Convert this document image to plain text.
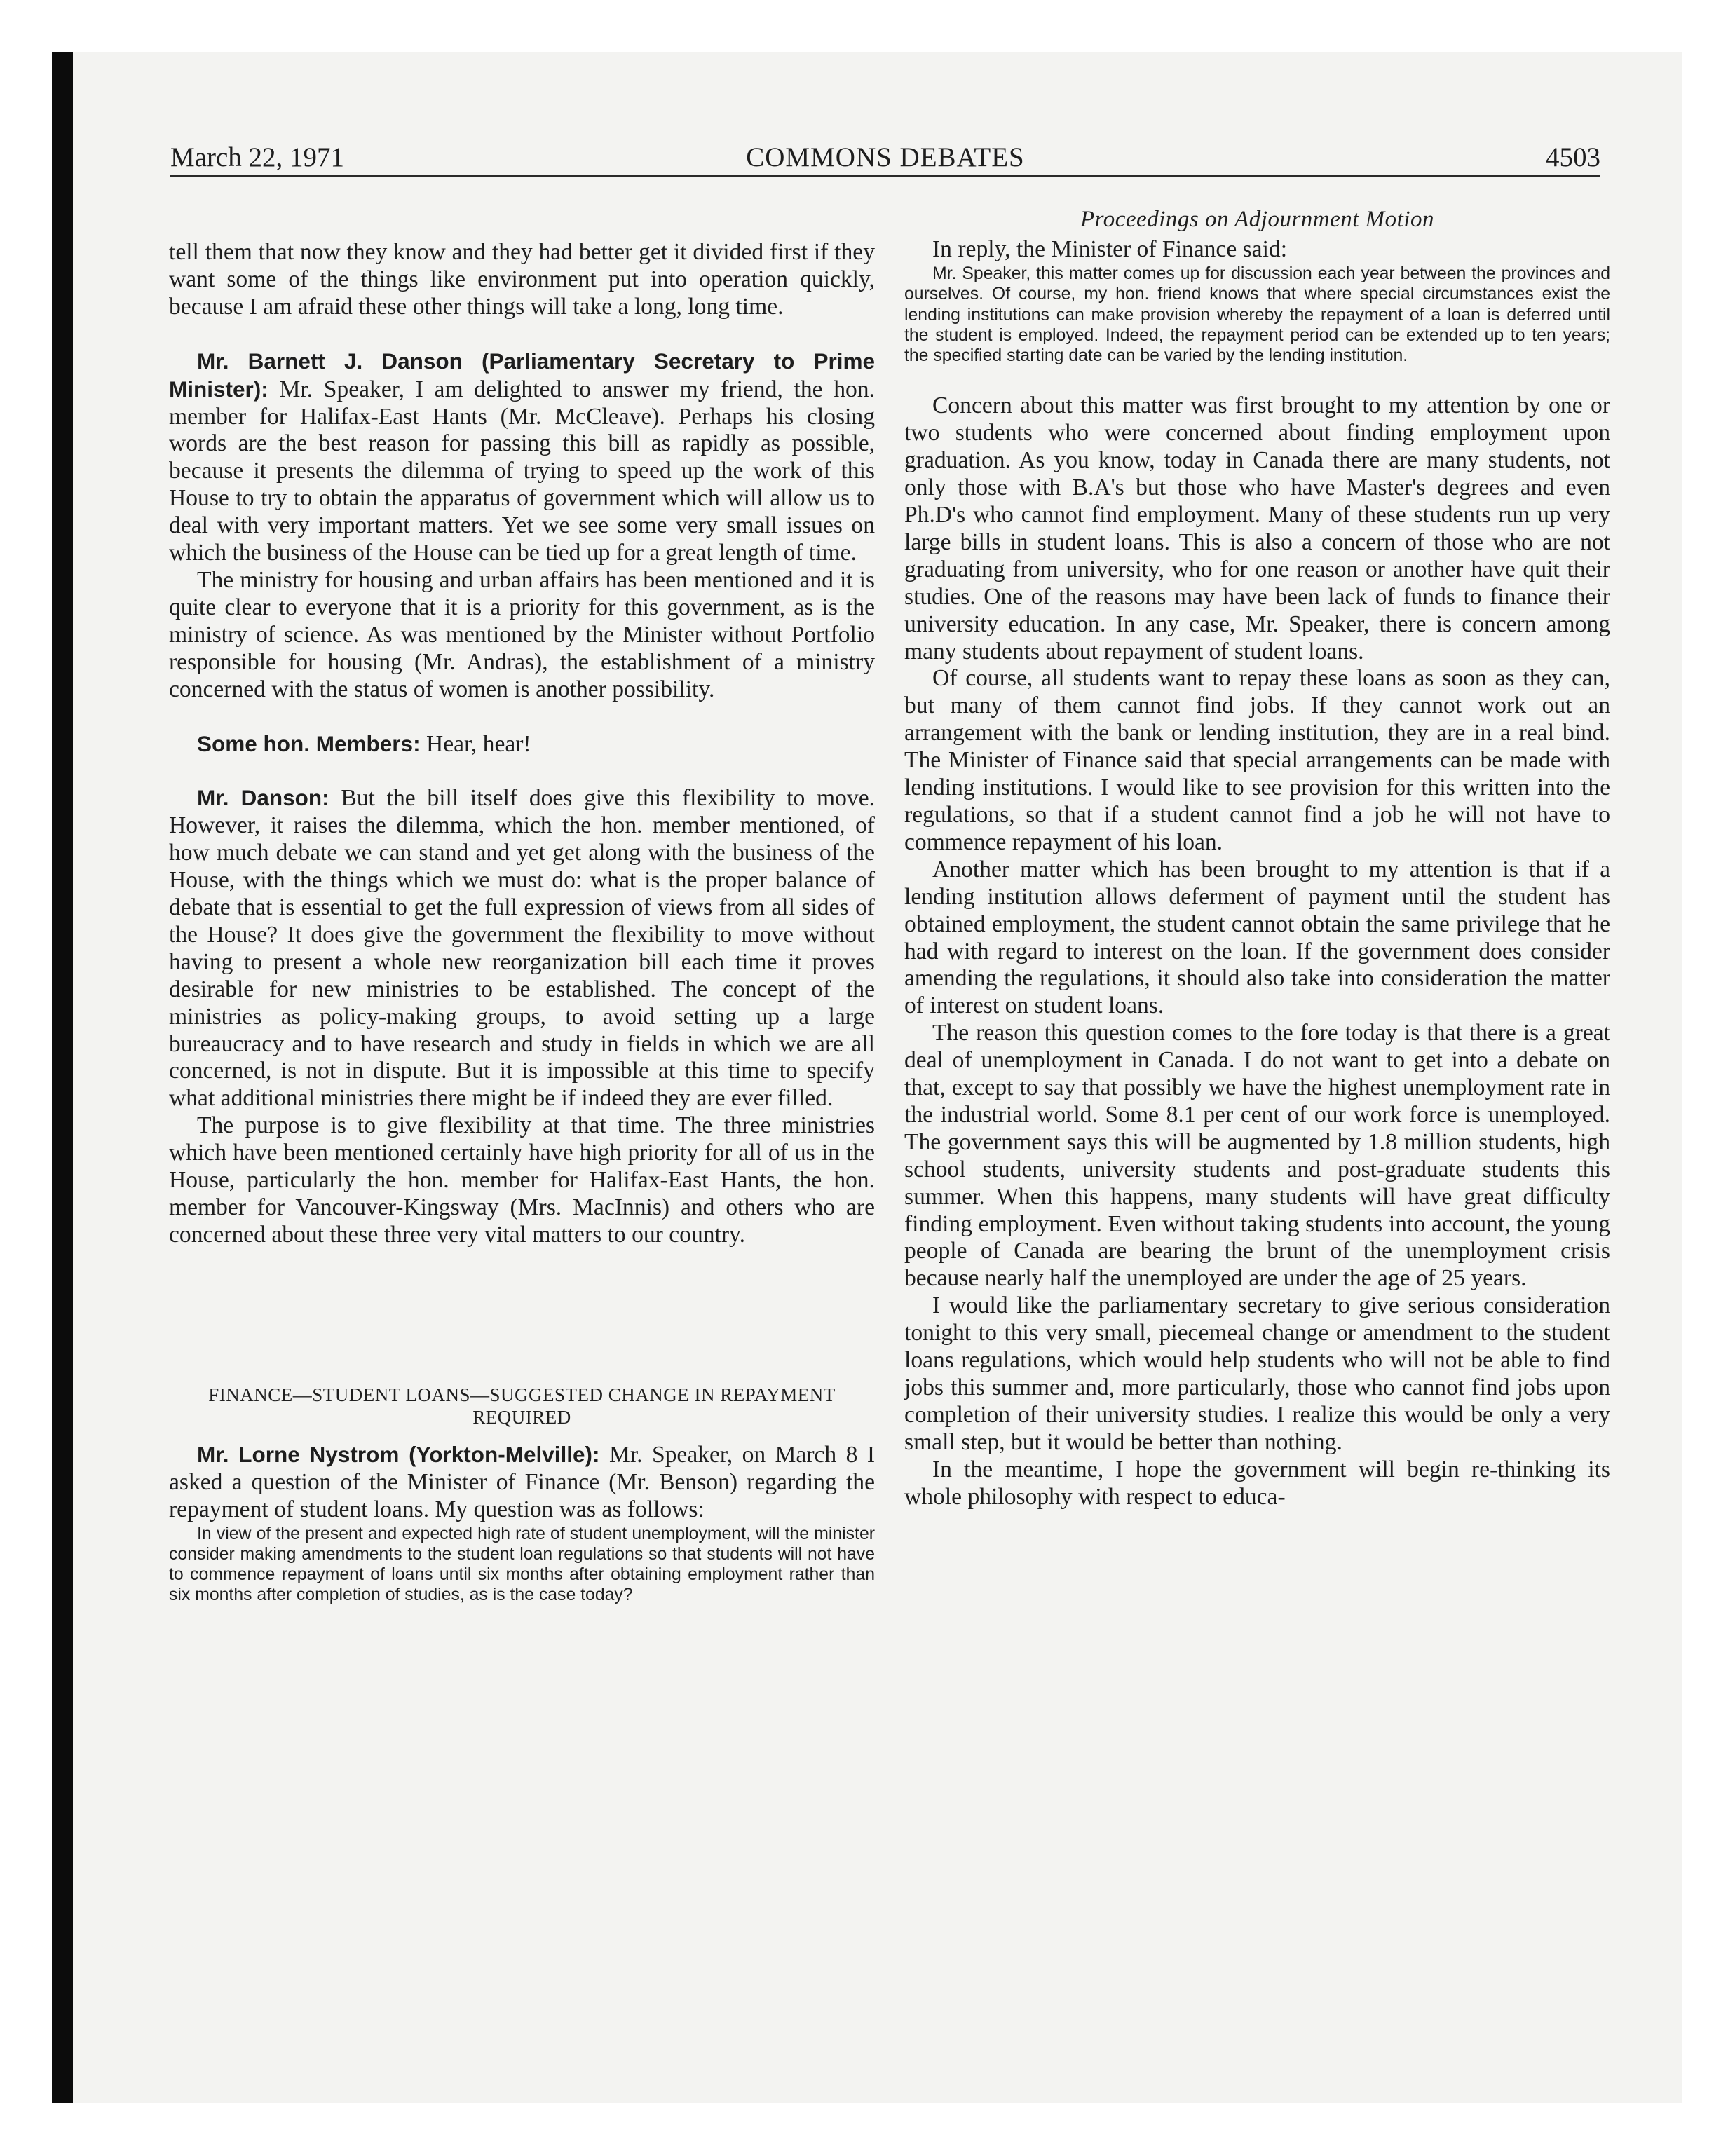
March 22, 1971	COMMONS DEBATES	4503

tell them that now they know and they had better get it divided first if they want some of the things like environment put into operation quickly, because I am afraid these other things will take a long, long time.

Mr. Barnett J. Danson (Parliamentary Secretary to Prime Minister): Mr. Speaker, I am delighted to answer my friend, the hon. member for Halifax-East Hants (Mr. McCleave). Perhaps his closing words are the best reason for passing this bill as rapidly as possible, because it presents the dilemma of trying to speed up the work of this House to try to obtain the apparatus of government which will allow us to deal with very important matters. Yet we see some very small issues on which the business of the House can be tied up for a great length of time.

The ministry for housing and urban affairs has been mentioned and it is quite clear to everyone that it is a priority for this government, as is the ministry of science. As was mentioned by the Minister without Portfolio responsible for housing (Mr. Andras), the establishment of a ministry concerned with the status of women is another possibility.

Some hon. Members: Hear, hear!

Mr. Danson: But the bill itself does give this flexibility to move. However, it raises the dilemma, which the hon. member mentioned, of how much debate we can stand and yet get along with the business of the House, with the things which we must do: what is the proper balance of debate that is essential to get the full expression of views from all sides of the House? It does give the government the flexibility to move without having to present a whole new reorganization bill each time it proves desirable for new ministries to be established. The concept of the ministries as policy-making groups, to avoid setting up a large bureaucracy and to have research and study in fields in which we are all concerned, is not in dispute. But it is impossible at this time to specify what additional ministries there might be if indeed they are ever filled.

The purpose is to give flexibility at that time. The three ministries which have been mentioned certainly have high priority for all of us in the House, particularly the hon. member for Halifax-East Hants, the hon. member for Vancouver-Kingsway (Mrs. MacInnis) and others who are concerned about these three very vital matters to our country.

FINANCE—STUDENT LOANS—SUGGESTED CHANGE IN REPAYMENT REQUIRED

Mr. Lorne Nystrom (Yorkton-Melville): Mr. Speaker, on March 8 I asked a question of the Minister of Finance (Mr. Benson) regarding the repayment of student loans. My question was as follows:

In view of the present and expected high rate of student unemployment, will the minister consider making amendments to the student loan regulations so that students will not have to commence repayment of loans until six months after obtaining employment rather than six months after completion of studies, as is the case today?

Proceedings on Adjournment Motion

In reply, the Minister of Finance said:

Mr. Speaker, this matter comes up for discussion each year between the provinces and ourselves. Of course, my hon. friend knows that where special circumstances exist the lending institutions can make provision whereby the repayment of a loan is deferred until the student is employed. Indeed, the repayment period can be extended up to ten years; the specified starting date can be varied by the lending institution.

Concern about this matter was first brought to my attention by one or two students who were concerned about finding employment upon graduation. As you know, today in Canada there are many students, not only those with B.A's but those who have Master's degrees and even Ph.D's who cannot find employment. Many of these students run up very large bills in student loans. This is also a concern of those who are not graduating from university, who for one reason or another have quit their studies. One of the reasons may have been lack of funds to finance their university education. In any case, Mr. Speaker, there is concern among many students about repayment of student loans.

Of course, all students want to repay these loans as soon as they can, but many of them cannot find jobs. If they cannot work out an arrangement with the bank or lending institution, they are in a real bind. The Minister of Finance said that special arrangements can be made with lending institutions. I would like to see provision for this written into the regulations, so that if a student cannot find a job he will not have to commence repayment of his loan.

Another matter which has been brought to my attention is that if a lending institution allows deferment of payment until the student has obtained employment, the student cannot obtain the same privilege that he had with regard to interest on the loan. If the government does consider amending the regulations, it should also take into consideration the matter of interest on student loans.

The reason this question comes to the fore today is that there is a great deal of unemployment in Canada. I do not want to get into a debate on that, except to say that possibly we have the highest unemployment rate in the industrial world. Some 8.1 per cent of our work force is unemployed. The government says this will be augmented by 1.8 million students, high school students, university students and post-graduate students this summer. When this happens, many students will have great difficulty finding employment. Even without taking students into account, the young people of Canada are bearing the brunt of the unemployment crisis because nearly half the unemployed are under the age of 25 years.

I would like the parliamentary secretary to give serious consideration tonight to this very small, piecemeal change or amendment to the student loans regulations, which would help students who will not be able to find jobs this summer and, more particularly, those who cannot find jobs upon completion of their university studies. I realize this would be only a very small step, but it would be better than nothing.

In the meantime, I hope the government will begin re-thinking its whole philosophy with respect to educa-
